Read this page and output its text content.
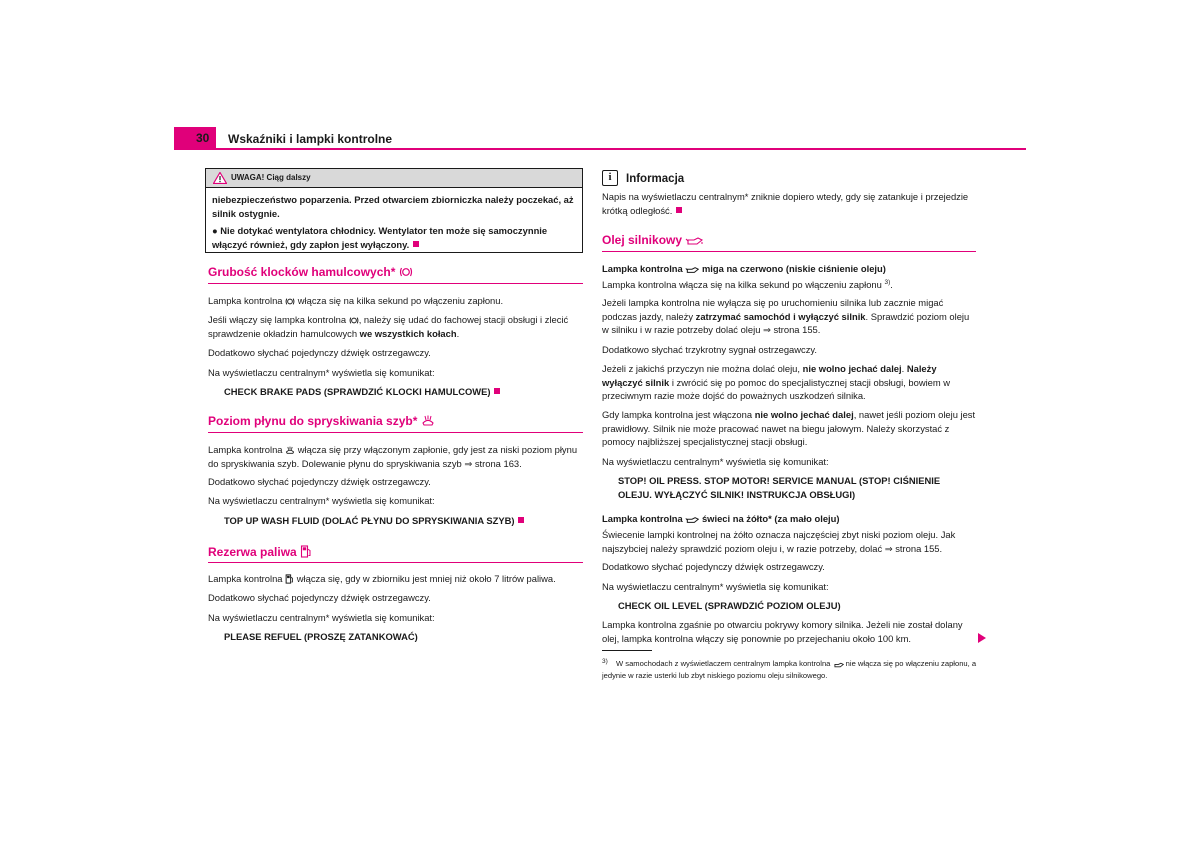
30 Wskaźniki i lampki kontrolne
UWAGA! Ciąg dalszy

niebezpieczeństwo poparzenia. Przed otwarciem zbiorniczka należy poczekać, aż silnik ostygnie.

● Nie dotykać wentylatora chłodnicy. Wentylator ten może się samoczynnie włączyć również, gdy zapłon jest wyłączony.

Grubość klocków hamulcowych*

Lampka kontrolna włącza się na kilka sekund po włączeniu zapłonu.

Jeśli włączy się lampka kontrolna , należy się udać do fachowej stacji obsługi i zlecić sprawdzenie okładzin hamulcowych we wszystkich kołach.

Dodatkowo słychać pojedynczy dźwięk ostrzegawczy.

Na wyświetlaczu centralnym* wyświetla się komunikat:

CHECK BRAKE PADS (SPRAWDZIĆ KLOCKI HAMULCOWE)

Poziom płynu do spryskiwania szyb*

Lampka kontrolna włącza się przy włączonym zapłonie, gdy jest za niski poziom płynu do spryskiwania szyb. Dolewanie płynu do spryskiwania szyb ⇒ strona 163.

Dodatkowo słychać pojedynczy dźwięk ostrzegawczy.

Na wyświetlaczu centralnym* wyświetla się komunikat:

TOP UP WASH FLUID (DOLAĆ PŁYNU DO SPRYSKIWANIA SZYB)

Rezerwa paliwa

Lampka kontrolna włącza się, gdy w zbiorniku jest mniej niż około 7 litrów paliwa.

Dodatkowo słychać pojedynczy dźwięk ostrzegawczy.

Na wyświetlaczu centralnym* wyświetla się komunikat:

PLEASE REFUEL (PROSZĘ ZATANKOWAĆ)

i	Informacja

Napis na wyświetlaczu centralnym* zniknie dopiero wtedy, gdy się zatankuje i przejedzie krótką odległość.

Olej silnikowy

Lampka kontrolna miga na czerwono (niskie ciśnienie oleju)

Lampka kontrolna włącza się na kilka sekund po włączeniu zapłonu $^{3)}$.

Jeżeli lampka kontrolna nie wyłącza się po uruchomieniu silnika lub zacznie migać podczas jazdy, należy zatrzymać samochód i wyłączyć silnik. Sprawdzić poziom oleju w silniku i w razie potrzeby dolać oleju ⇒ strona 155.

Dodatkowo słychać trzykrotny sygnał ostrzegawczy.

Jeżeli z jakichś przyczyn nie można dolać oleju, nie wolno jechać dalej. Należy wyłączyć silnik i zwrócić się po pomoc do specjalistycznej stacji obsługi, bowiem w przeciwnym razie może dojść do poważnych uszkodzeń silnika.

Gdy lampka kontrolna jest włączona nie wolno jechać dalej, nawet jeśli poziom oleju jest prawidłowy. Silnik nie może pracować nawet na biegu jałowym. Należy skorzystać z pomocy najbliższej specjalistycznej stacji obsługi.

Na wyświetlaczu centralnym* wyświetla się komunikat:

STOP! OIL PRESS. STOP MOTOR! SERVICE MANUAL (STOP! CIŚNIENIE OLEJU. WYŁĄCZYĆ SILNIK! INSTRUKCJA OBSŁUGI)

Lampka kontrolna świeci na żółto* (za mało oleju)

Świecenie lampki kontrolnej na żółto oznacza najczęściej zbyt niski poziom oleju. Jak najszybciej należy sprawdzić poziom oleju i, w razie potrzeby, dolać ⇒ strona 155.

Dodatkowo słychać pojedynczy dźwięk ostrzegawczy.

Na wyświetlaczu centralnym* wyświetla się komunikat:

CHECK OIL LEVEL (SPRAWDZIĆ POZIOM OLEJU)

Lampka kontrolna zgaśnie po otwarciu pokrywy komory silnika. Jeżeli nie został dolany olej, lampka kontrolna włączy się ponownie po przejechaniu około 100 km.

3) W samochodach z wyświetlaczem centralnym lampka kontrolna nie włącza się po włączeniu zapłonu, a jedynie w razie usterki lub zbyt niskiego poziomu oleju silnikowego.
